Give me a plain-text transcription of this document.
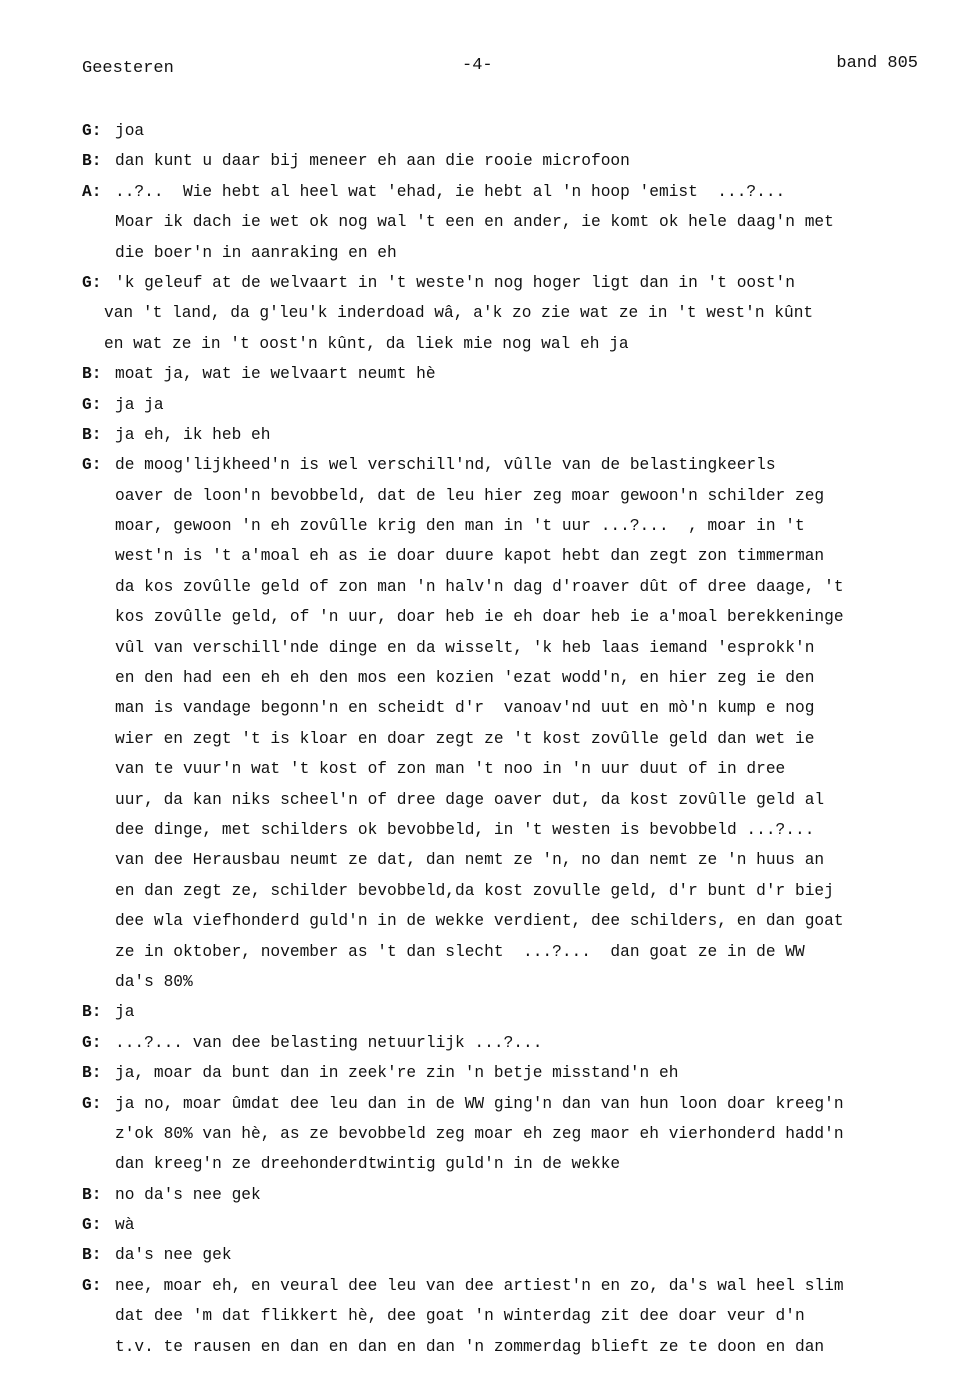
Geesteren	-4-	band 805
G: joa
B: dan kunt u daar bij meneer eh aan die rooie microfoon
A: ..?..  Wie hebt al heel wat 'ehad, ie hebt al 'n hoop 'emist  ...?...
Moar ik dach ie wet ok nog wal 't een en ander, ie komt ok hele daag'n met
die boer'n in aanraking en eh
G: 'k geleuf at de welvaart in 't weste'n nog hoger ligt dan in 't oost'n
van 't land, da g'leu'k inderdoad wâ, a'k zo zie wat ze in 't west'n kûnt
en wat ze in 't oost'n kûnt, da liek mie nog wal eh ja
B: moat ja, wat ie welvaart neumt hè
G: ja ja
B: ja eh, ik heb eh
G: de moog'lijkheed'n is wel verschill'nd, vûlle van de belastingkeerls
oaver de loon'n bevobbeld, dat de leu hier zeg moar gewoon'n schilder zeg
moar, gewoon 'n eh zovûlle krig den man in 't uur ...?...  , moar in 't
west'n is 't a'moal eh as ie doar duure kapot hebt dan zegt zon timmerman
da kos zovûlle geld of zon man 'n halv'n dag d'roaver dût of dree daage, 't
kos zovûlle geld, of 'n uur, doar heb ie eh doar heb ie a'moal berekkeninge
vûl van verschill'nde dinge en da wisselt, 'k heb laas iemand 'esprokk'n
en den had een eh eh den mos een kozien 'ezat wodd'n, en hier zeg ie den
man is vandage begonn'n en scheidt d'r  vanoav'nd uut en mò'n kump e nog
wier en zegt 't is kloar en doar zegt ze 't kost zovûlle geld dan wet ie
van te vuur'n wat 't kost of zon man 't noo in 'n uur duut of in dree
uur, da kan niks scheel'n of dree dage oaver dut, da kost zovûlle geld al
dee dinge, met schilders ok bevobbeld, in 't westen is bevobbeld ...?...
van dee Herausbau neumt ze dat, dan nemt ze 'n, no dan nemt ze 'n huus an
en dan zegt ze, schilder bevobbeld,da kost zovulle geld, d'r bunt d'r biej
dee wla viefhonderd guld'n in de wekke verdient, dee schilders, en dan goat
ze in oktober, november as 't dan slecht  ...?...  dan goat ze in de WW
da's 80%
B: ja
G: ...?... van dee belasting netuurlijk ...?...
B: ja, moar da bunt dan in zeek're zin 'n betje misstand'n eh
G: ja no, moar ûmdat dee leu dan in de WW ging'n dan van hun loon doar kreeg'n
z'ok 80% van hè, as ze bevobbeld zeg moar eh zeg maor eh vierhonderd hadd'n
dan kreeg'n ze dreehonderdtwintig guld'n in de wekke
B: no da's nee gek
G: wà
B: da's nee gek
G: nee, moar eh, en veural dee leu van dee artiest'n en zo, da's wal heel slim
dat dee 'm dat flikkert hè, dee goat 'n winterdag zit dee doar veur d'n
t.v. te rausen en dan en dan en dan 'n zommerdag blieft ze te doon en dan
